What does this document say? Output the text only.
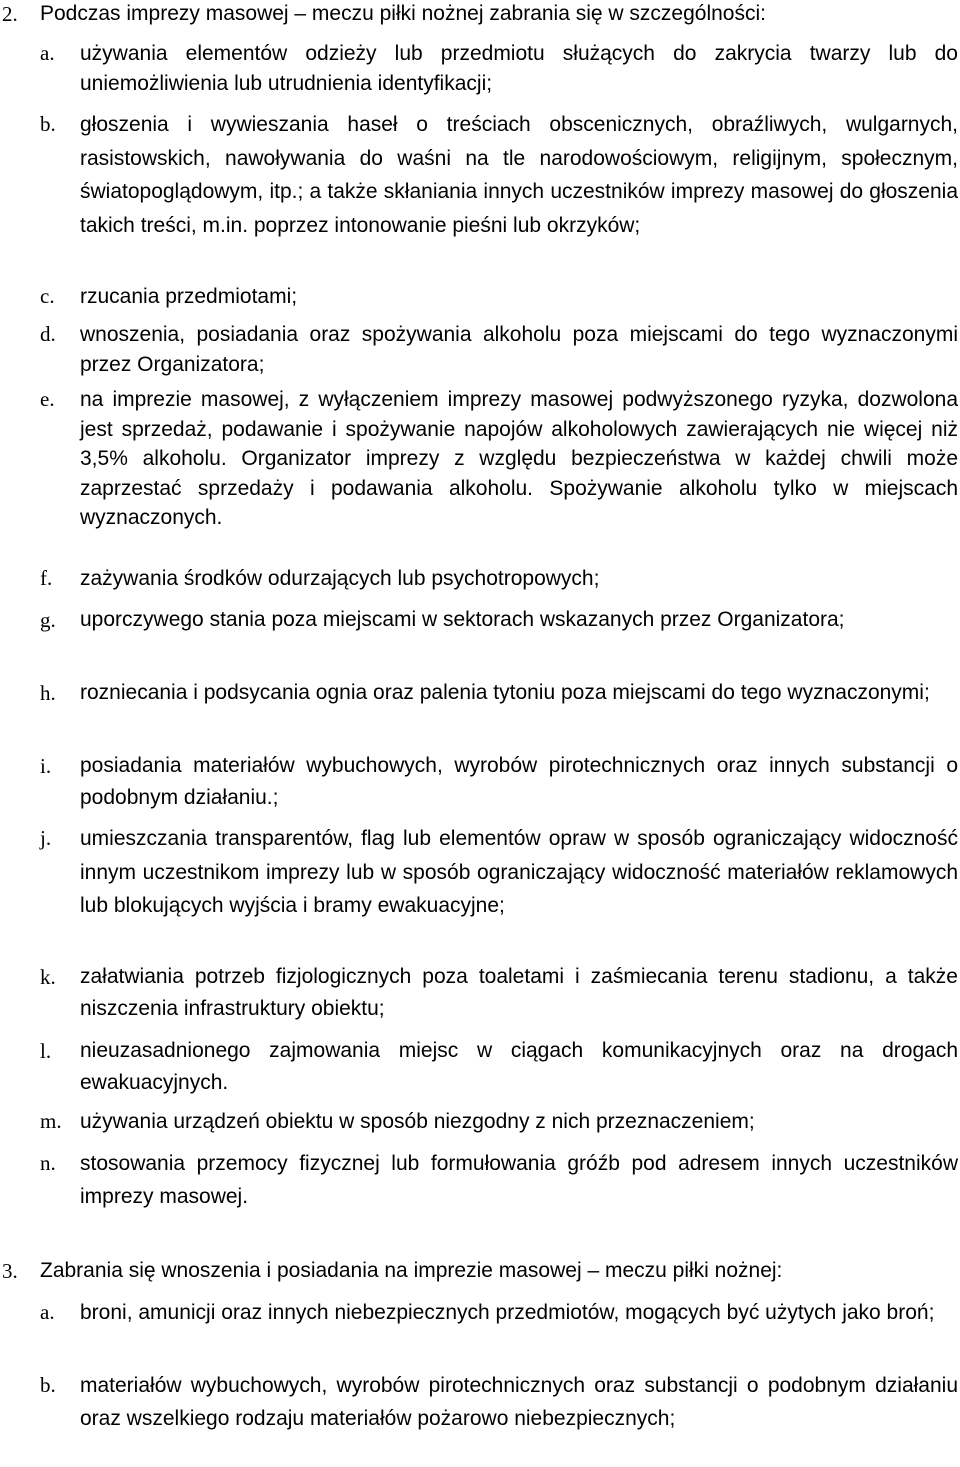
2. Podczas imprezy masowej – meczu piłki nożnej zabrania się w szczególności:
a. używania elementów odzieży lub przedmiotu służących do zakrycia twarzy lub do uniemożliwienia lub utrudnienia identyfikacji;
b. głoszenia i wywieszania haseł o treściach obscenicznych, obraźliwych, wulgarnych, rasistowskich, nawoływania do waśni na tle narodowościowym, religijnym, społecznym, światopoglądowym, itp.; a także skłaniania innych uczestników imprezy masowej do głoszenia takich treści, m.in. poprzez intonowanie pieśni lub okrzyków;
c. rzucania przedmiotami;
d. wnoszenia, posiadania oraz spożywania alkoholu poza miejscami do tego wyznaczonymi przez Organizatora;
e. na imprezie masowej, z wyłączeniem imprezy masowej podwyższonego ryzyka, dozwolona jest sprzedaż, podawanie i spożywanie napojów alkoholowych zawierających nie więcej niż 3,5% alkoholu. Organizator imprezy z względu bezpieczeństwa w każdej chwili może zaprzestać sprzedaży i podawania alkoholu. Spożywanie alkoholu tylko w miejscach wyznaczonych.
f. zażywania środków odurzających lub psychotropowych;
g. uporczywego stania poza miejscami w sektorach wskazanych przez Organizatora;
h. rozniecania i podsycania ognia oraz palenia tytoniu poza miejscami do tego wyznaczonymi;
i. posiadania materiałów wybuchowych, wyrobów pirotechnicznych oraz innych substancji o podobnym działaniu.;
j. umieszczania transparentów, flag lub elementów opraw w sposób ograniczający widoczność innym uczestnikom imprezy lub w sposób ograniczający widoczność materiałów reklamowych lub blokujących wyjścia i bramy ewakuacyjne;
k. załatwiania potrzeb fizjologicznych poza toaletami i zaśmiecania terenu stadionu, a także niszczenia infrastruktury obiektu;
l. nieuzasadnionego zajmowania miejsc w ciągach komunikacyjnych oraz na drogach ewakuacyjnych.
m. używania urządzeń obiektu w sposób niezgodny z nich przeznaczeniem;
n. stosowania przemocy fizycznej lub formułowania gróźb pod adresem innych uczestników imprezy masowej.
3. Zabrania się wnoszenia i posiadania na imprezie masowej – meczu piłki nożnej:
a. broni, amunicji oraz innych niebezpiecznych przedmiotów, mogących być użytych jako broń;
b. materiałów wybuchowych, wyrobów pirotechnicznych oraz substancji o podobnym działaniu oraz wszelkiego rodzaju materiałów pożarowo niebezpiecznych;
